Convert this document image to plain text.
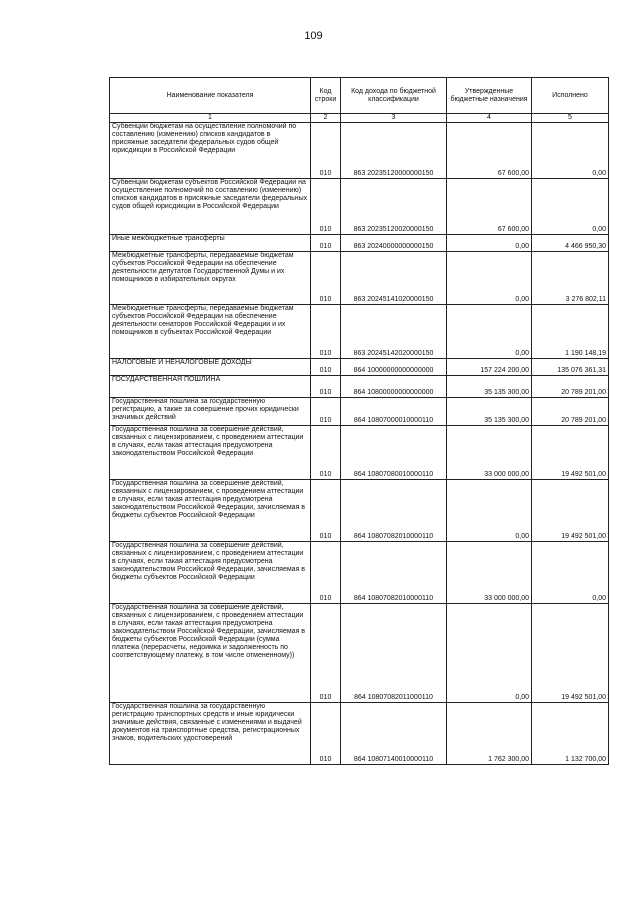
109
Наименование показателя	Код строки	Код дохода по бюджетной классификации	Утвержденные бюджетные назначения	Исполнено
1	2	3	4	5
Субвенции бюджетам на осуществление полномочий по составлению (изменению) списков кандидатов в присяжные заседатели федеральных судов общей юрисдикции в Российской Федерации	010	863 20235120000000150	67 600,00	0,00
Субвенции бюджетам субъектов Российской Федерации на осуществление полномочий по составлению (изменению) списков кандидатов в присяжные заседатели федеральных судов общей юрисдикции в Российской Федерации	010	863 20235120020000150	67 600,00	0,00
Иные межбюджетные трансферты	010	863 20240000000000150	0,00	4 466 950,30
Межбюджетные трансферты, передаваемые бюджетам субъектов Российской Федерации на обеспечение деятельности депутатов Государственной Думы и их помощников в избирательных округах	010	863 20245141020000150	0,00	3 276 802,11
Межбюджетные трансферты, передаваемые бюджетам субъектов Российской Федерации на обеспечение деятельности сенаторов Российской Федерации и их помощников в субъектах Российской Федерации	010	863 20245142020000150	0,00	1 190 148,19
НАЛОГОВЫЕ И НЕНАЛОГОВЫЕ ДОХОДЫ	010	864 10000000000000000	157 224 200,00	135 076 361,31
ГОСУДАРСТВЕННАЯ ПОШЛИНА	010	864 10800000000000000	35 135 300,00	20 789 201,00
Государственная пошлина за государственную регистрацию, а также за совершение прочих юридически значимых действий	010	864 10807000010000110	35 135 300,00	20 789 201,00
Государственная пошлина за совершение действий, связанных с лицензированием, с проведением аттестации в случаях, если такая аттестация предусмотрена законодательством Российской Федерации	010	864 10807080010000110	33 000 000,00	19 492 501,00
Государственная пошлина за совершение действий, связанных с лицензированием, с проведением аттестации в случаях, если такая аттестация предусмотрена законодательством Российской Федерации, зачисляемая в бюджеты субъектов Российской Федерации	010	864 10807082010000110	0,00	19 492 501,00
Государственная пошлина за совершение действий, связанных с лицензированием, с проведением аттестации в случаях, если такая аттестация предусмотрена законодательством Российской Федерации, зачисляемая в бюджеты субъектов Российской Федерации	010	864 10807082010000110	33 000 000,00	0,00
Государственная пошлина за совершение действий, связанных с лицензированием, с проведением аттестации в случаях, если такая аттестация предусмотрена законодательством Российской Федерации, зачисляемая в бюджеты субъектов Российской Федерации (сумма платежа (перерасчеты, недоимка и задолженность по соответствующему платежу, в том числе отмененному))	010	864 10807082011000110	0,00	19 492 501,00
Государственная пошлина за государственную регистрацию транспортных средств и иные юридически значимые действия, связанные с изменениями и выдачей документов на транспортные средства, регистрационных знаков, водительских удостоверений	010	864 10807140010000110	1 762 300,00	1 132 700,00
